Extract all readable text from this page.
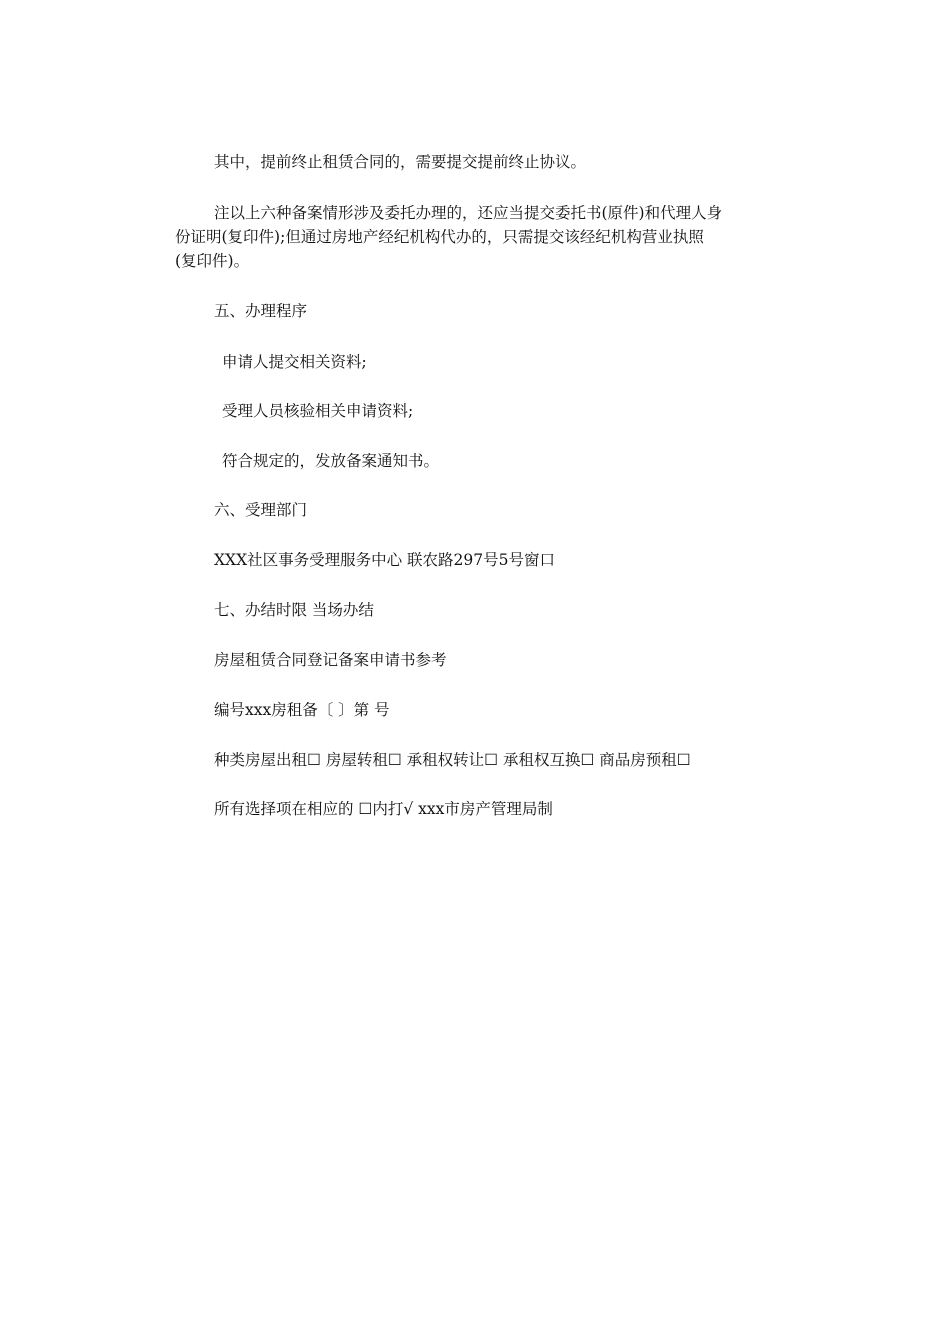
其中，提前终止租赁合同的，需要提交提前终止协议。
注以上六种备案情形涉及委托办理的，还应当提交委托书(原件)和代理人身
份证明(复印件);但通过房地产经纪机构代办的，只需提交该经纪机构营业执照
(复印件)。
五、办理程序
申请人提交相关资料;
受理人员核验相关申请资料;
符合规定的，发放备案通知书。
六、受理部门
XXX社区事务受理服务中心 联农路297号5号窗口
七、办结时限 当场办结
房屋租赁合同登记备案申请书参考
编号xxx房租备〔 〕第 号
种类房屋出租☐ 房屋转租☐ 承租权转让☐ 承租权互换☐ 商品房预租☐
所有选择项在相应的 ☐内打√ xxx市房产管理局制
